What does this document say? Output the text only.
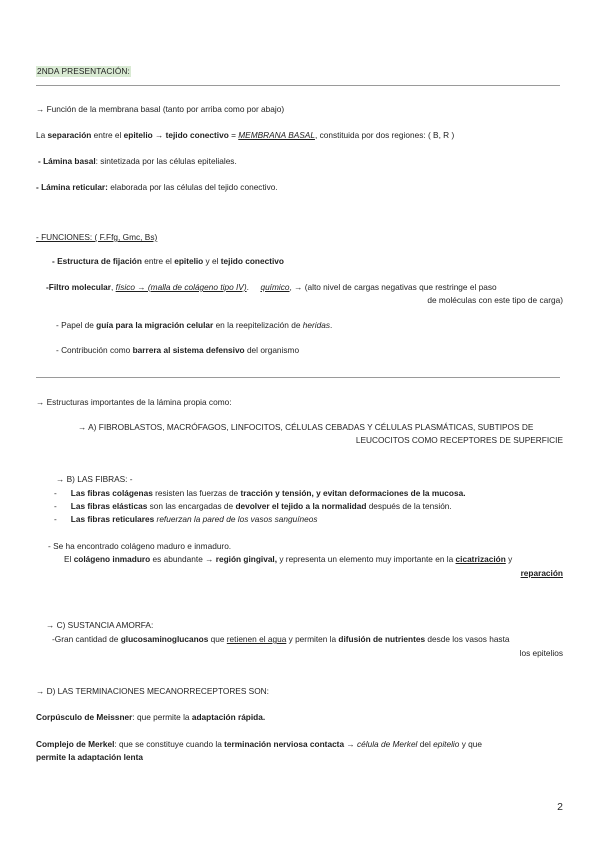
2NDA PRESENTACIÓN:
→ Función de la membrana basal (tanto por arriba como por abajo)
La separación entre el epitelio → tejido conectivo = MEMBRANA BASAL, constituida por dos regiones: ( B, R )
- Lámina basal: sintetizada por las células epiteliales.
- Lámina reticular: elaborada por las células del tejido conectivo.
- FUNCIONES: ( F.Ffg, Gmc, Bs)
- Estructura de fijación entre el epitelio y el tejido conectivo
-Filtro molecular, físico → (malla de colágeno tipo IV).     químico, → (alto nivel de cargas negativas que restringe el paso
de moléculas con este tipo de carga)
- Papel de guía para la migración celular en la reepitelización de heridas.
- Contribución como barrera al sistema defensivo del organismo
→ Estructuras importantes de la lámina propia como:
→ A) FIBROBLASTOS, MACRÓFAGOS, LINFOCITOS, CÉLULAS CEBADAS Y CÉLULAS PLASMÁTICAS, SUBTIPOS DE
LEUCOCITOS COMO RECEPTORES DE SUPERFICIE
→ B) LAS FIBRAS: -
- Las fibras colágenas resisten las fuerzas de tracción y tensión, y evitan deformaciones de la mucosa.
- Las fibras elásticas son las encargadas de devolver el tejido a la normalidad después de la tensión.
- Las fibras reticulares refuerzan la pared de los vasos sanguíneos
- Se ha encontrado colágeno maduro e inmaduro.
El colágeno inmaduro es abundante → región gingival, y representa un elemento muy importante en la cicatrización y
reparación
→ C) SUSTANCIA AMORFA:
-Gran cantidad de glucosaminoglucanos que retienen el agua y permiten la difusión de nutrientes desde los vasos hasta
los epitelios
→ D) LAS TERMINACIONES MECANORRECEPTORES SON:
Corpúsculo de Meissner: que permite la adaptación rápida.
Complejo de Merkel: que se constituye cuando la terminación nerviosa contacta → célula de Merkel del epitelio y que
permite la adaptación lenta
2
